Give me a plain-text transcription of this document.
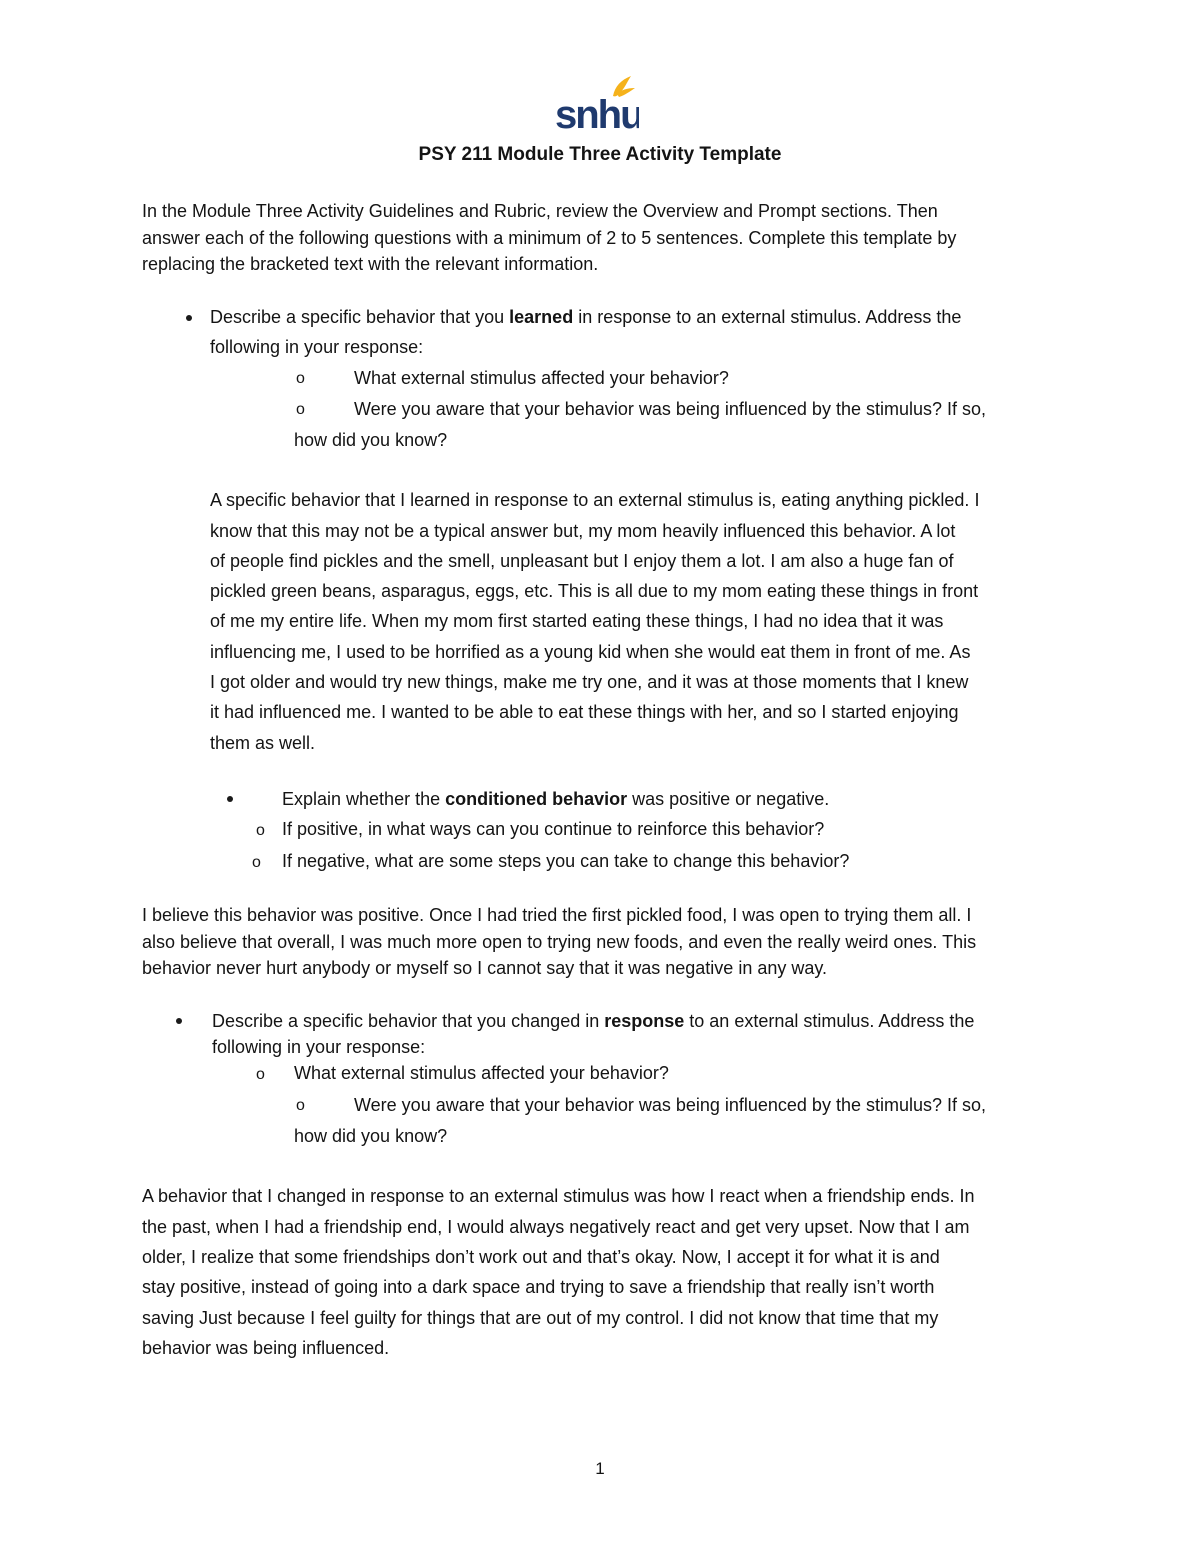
snhu
PSY 211 Module Three Activity Template
In the Module Three Activity Guidelines and Rubric, review the Overview and Prompt sections. Then
answer each of the following questions with a minimum of 2 to 5 sentences. Complete this template by
replacing the bracketed text with the relevant information.
Describe a specific behavior that you learned in response to an external stimulus. Address the
following in your response:
o	What external stimulus affected your behavior?
o	Were you aware that your behavior was being influenced by the stimulus? If so,
how did you know?
A specific behavior that I learned in response to an external stimulus is, eating anything pickled. I
know that this may not be a typical answer but, my mom heavily influenced this behavior. A lot
of people find pickles and the smell, unpleasant but I enjoy them a lot. I am also a huge fan of
pickled green beans, asparagus, eggs, etc. This is all due to my mom eating these things in front
of me my entire life. When my mom first started eating these things, I had no idea that it was
influencing me, I used to be horrified as a young kid when she would eat them in front of me. As
I got older and would try new things, make me try one, and it was at those moments that I knew
it had influenced me. I wanted to be able to eat these things with her, and so I started enjoying
them as well.
Explain whether the conditioned behavior was positive or negative.
o If positive, in what ways can you continue to reinforce this behavior?
o If negative, what are some steps you can take to change this behavior?
I believe this behavior was positive. Once I had tried the first pickled food, I was open to trying them all. I
also believe that overall, I was much more open to trying new foods, and even the really weird ones. This
behavior never hurt anybody or myself so I cannot say that it was negative in any way.
Describe a specific behavior that you changed in response to an external stimulus. Address the
following in your response:
o What external stimulus affected your behavior?
o	Were you aware that your behavior was being influenced by the stimulus? If so,
how did you know?
A behavior that I changed in response to an external stimulus was how I react when a friendship ends. In
the past, when I had a friendship end, I would always negatively react and get very upset. Now that I am
older, I realize that some friendships don’t work out and that’s okay. Now, I accept it for what it is and
stay positive, instead of going into a dark space and trying to save a friendship that really isn’t worth
saving Just because I feel guilty for things that are out of my control. I did not know that time that my
behavior was being influenced.
1
